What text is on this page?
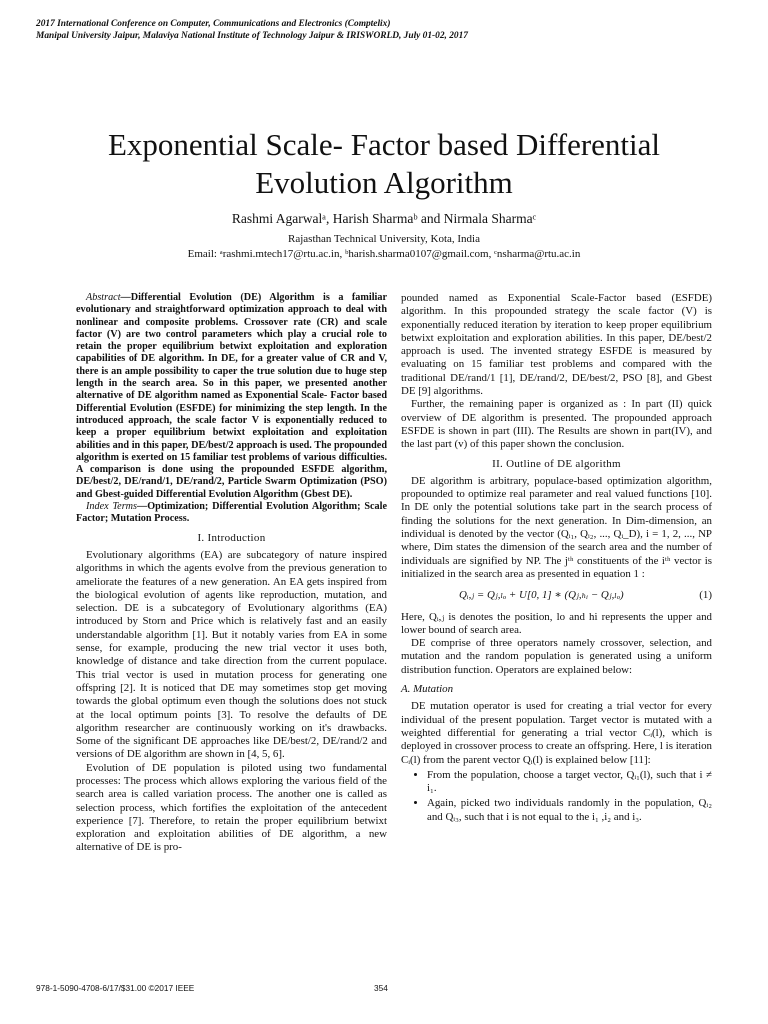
2017 International Conference on Computer, Communications and Electronics (Comptelix)
Manipal University Jaipur, Malaviya National Institute of Technology Jaipur & IRISWORLD, July 01-02, 2017
Exponential Scale- Factor based Differential
Evolution Algorithm
Rashmi Agarwalᵃ, Harish Sharmaᵇ and Nirmala Sharmaᶜ
Rajasthan Technical University, Kota, India
Email: ᵃrashmi.mtech17@rtu.ac.in, ᵇharish.sharma0107@gmail.com, ᶜnsharma@rtu.ac.in

Abstract—Differential Evolution (DE) Algorithm is a familiar evolutionary and straightforward optimization approach to deal with nonlinear and composite problems. Crossover rate (CR) and scale factor (V) are two control parameters which play a crucial role to retain the proper equilibrium betwixt exploitation and exploration capabilities of DE algorithm. In DE, for a greater value of CR and V, there is an ample possibility to caper the true solution due to huge step length in the search area. So in this paper, we presented another alternative of DE algorithm named as Exponential Scale- Factor based Differential Evolution (ESFDE) for minimizing the step length. In the introduced approach, the scale factor V is exponentially reduced to keep a proper equilibrium betwixt exploitation and exploitation abilities and in this paper, DE/best/2 approach is used. The propounded algorithm is exerted on 15 familiar test problems of various difficulties. A comparison is done using the propounded ESFDE algorithm, DE/best/2, DE/rand/1, DE/rand/2, Particle Swarm Optimization (PSO) and Gbest-guided Differential Evolution Algorithm (Gbest DE).

Index Terms—Optimization; Differential Evolution Algorithm; Scale Factor; Mutation Process.

I. Introduction

Evolutionary algorithms (EA) are subcategory of nature inspired algorithms in which the agents evolve from the previous generation to ameliorate the features of a new generation. An EA gets inspired from the biological evolution of agents like reproduction, mutation, and selection. DE is a subcategory of Evolutionary algorithms (EA) introduced by Storn and Price which is relatively fast and an easily understandable algorithm [1]. But it notably varies from EA in some sense, for example, producing the new trial vector it uses both, knowledge of distance and take direction from the current populace. This trial vector is used in mutation process for generating one offspring [2]. It is noticed that DE may sometimes stop get moving towards the global optimum even though the solutions does not stuck at the local optimum points [3]. To resolve the defaults of DE algorithm researcher are continuously working on it's drawbacks. Some of the significant DE approaches like DE/best/2, DE/rand/2 and versions of DE algorithm are shown in [4, 5, 6].

Evolution of DE population is piloted using two fundamental processes: The process which allows exploring the various field of the search area is called variation process. The another one is called as selection process, which fortifies the exploitation of the antecedent experience [7]. Therefore, to retain the proper equilibrium betwixt exploration and exploitation abilities of DE algorithm, a new alternative of DE is pro-

pounded named as Exponential Scale-Factor based (ESFDE) algorithm. In this propounded strategy the scale factor (V) is exponentially reduced iteration by iteration to keep proper equilibrium betwixt exploitation and exploration abilities. In this paper, DE/best/2 approach is used. The invented strategy ESFDE is measured by evaluating on 15 familiar test problems and compared with the traditional DE/rand/1 [1], DE/rand/2, DE/best/2, PSO [8], and Gbest DE [9] algorithms.

Further, the remaining paper is organized as : In part (II) quick overview of DE algorithm is presented. The propounded approach ESFDE is shown in part (III). The Results are shown in part(IV), and the last part (v) of this paper shown the conclusion.

II. Outline of DE algorithm

DE algorithm is arbitrary, populace-based optimization algorithm, propounded to optimize real parameter and real valued functions [10]. In DE only the potential solutions take part in the search process of finding the solutions for the next generation. In Dim-dimension, an individual is denoted by the vector (Qᵢ₁, Qᵢ₂, ..., Qᵢ_D), i = 1, 2, ..., NP where, Dim states the dimension of the search area and the number of individuals are signified by NP. The jᵗʰ constituents of the iᵗʰ vector is initialized in the search area as presented in equation 1 :

Qᵢ,ⱼ = Qⱼ,ₗₒ + U[0, 1] ∗ (Qⱼ,ₕᵢ − Qⱼ,ₗₒ)	(1)

Here, Qᵢ,ⱼ is denotes the position, lo and hi represents the upper and lower bound of search area.

DE comprise of three operators namely crossover, selection, and mutation and the random population is generated using a uniform distribution function. Operators are explained below:

A. Mutation

DE mutation operator is used for creating a trial vector for every individual of the present population. Target vector is mutated with a weighted differential for generating a trial vector Cᵢ(l), which is deployed in crossover process to create an offspring. Here, l is iteration Cᵢ(l) from the parent vector Qᵢ(l) is explained below [11]:

• From the population, choose a target vector, Qᵢ₁(l), such that i ≠ i₁.
• Again, picked two individuals randomly in the population, Qᵢ₂ and Qᵢ₃, such that i is not equal to the i₁ ,i₂ and i₃.
978-1-5090-4708-6/17/$31.00 ©2017 IEEE	354
